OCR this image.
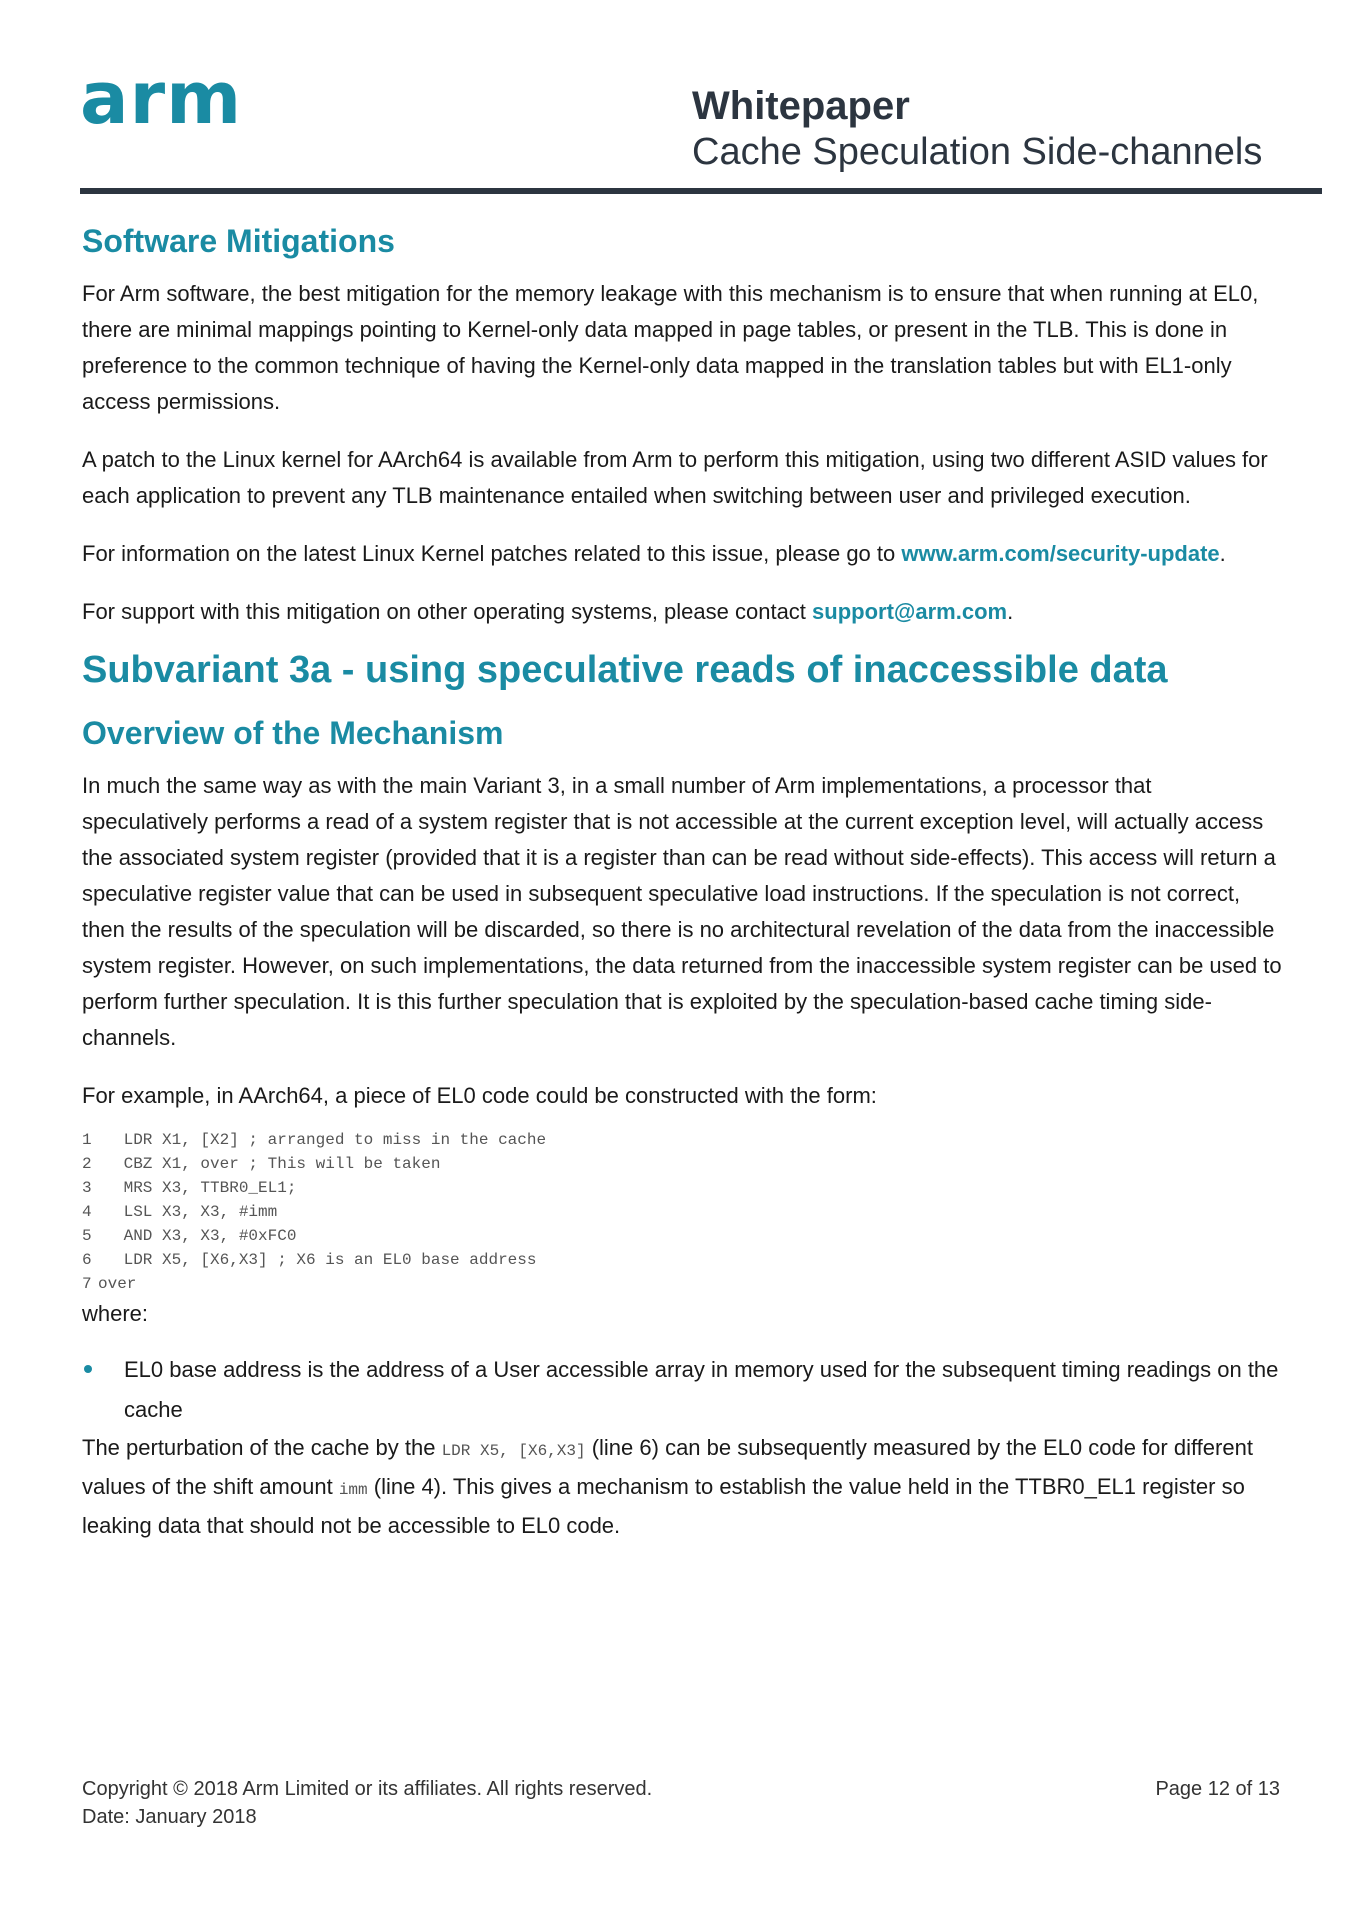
arm	Whitepaper
Cache Speculation Side-channels
Software Mitigations

For Arm software, the best mitigation for the memory leakage with this mechanism is to ensure that when running at EL0, there are minimal mappings pointing to Kernel-only data mapped in page tables, or present in the TLB. This is done in preference to the common technique of having the Kernel-only data mapped in the translation tables but with EL1-only access permissions.

A patch to the Linux kernel for AArch64 is available from Arm to perform this mitigation, using two different ASID values for each application to prevent any TLB maintenance entailed when switching between user and privileged execution.

For information on the latest Linux Kernel patches related to this issue, please go to www.arm.com/security-update.

For support with this mitigation on other operating systems, please contact support@arm.com.

Subvariant 3a - using speculative reads of inaccessible data
Overview of the Mechanism

In much the same way as with the main Variant 3, in a small number of Arm implementations, a processor that speculatively performs a read of a system register that is not accessible at the current exception level, will actually access the associated system register (provided that it is a register than can be read without side-effects). This access will return a speculative register value that can be used in subsequent speculative load instructions. If the speculation is not correct, then the results of the speculation will be discarded, so there is no architectural revelation of the data from the inaccessible system register. However, on such implementations, the data returned from the inaccessible system register can be used to perform further speculation. It is this further speculation that is exploited by the speculation-based cache timing side-channels.

For example, in AArch64, a piece of EL0 code could be constructed with the form:

1 LDR X1, [X2] ; arranged to miss in the cache
2 CBZ X1, over ; This will be taken
3 MRS X3, TTBR0_EL1;
4 LSL X3, X3, #imm
5 AND X3, X3, #0xFC0
6 LDR X5, [X6,X3] ; X6 is an EL0 base address
7 over

where:

EL0 base address is the address of a User accessible array in memory used for the subsequent timing readings on the cache

The perturbation of the cache by the LDR X5, [X6,X3] (line 6) can be subsequently measured by the EL0 code for different values of the shift amount imm (line 4). This gives a mechanism to establish the value held in the TTBR0_EL1 register so leaking data that should not be accessible to EL0 code.

Copyright © 2018 Arm Limited or its affiliates. All rights reserved.
Date: January 2018
Page 12 of 13
